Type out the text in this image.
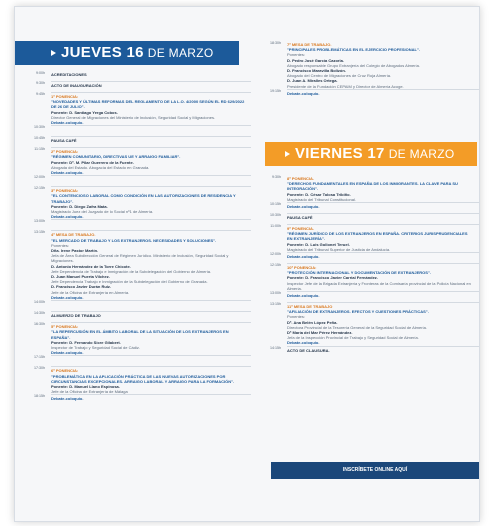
JUEVES 16 DE MARZO
9:00h	ACREDITACIONES
9:30h	ACTO DE INAUGURACIÓN
9:45h	1ª PONENCIA:
"NOVEDADES Y ÚLTIMAS REFORMAS DEL REGLAMENTO DE LA L.O. 4/2000 SEGÚN EL RD 629/2022 DE 26 DE JULIO".
Ponente: D. Santiago Yerga Cobos.
Director General de Migraciones del Ministerio de Inclusión, Seguridad Social y Migraciones.
Debate-coloquio.
10:30h
10:45h	PAUSA CAFÉ
11:15h	2ª PONENCIA:
"RÉGIMEN COMUNITARIO, DIRECTIVAS UE Y ARRAIGO FAMILIAR".
Ponente: Dª. M. Pilar Guerrero de la Fuente.
Abogada del Estado. Abogacía del Estado en Granada.
Debate-coloquio.
12:00h
12:15h	3ª PONENCIA:
"EL CONTENCIOSO LABORAL COMO CONDICIÓN EN LAS AUTORIZACIONES DE RESIDENCIA Y TRABAJO".
Ponente: D. Diego Zafra Mata.
Magistrado Juez del Juzgado de lo Social nº1 de Almería.
Debate-coloquio.
13:00h
13:15h	4ª MESA DE TRABAJO.
"EL MERCADO DE TRABAJO Y LOS EXTRANJEROS. NECESIDADES Y SOLUCIONES".
Ponentes:
Dña. Irene Pastor Martín.
Jefa de Área Subdirección General de Régimen Jurídico. Ministerio de Inclusión, Seguridad Social y Migraciones.
D. Antonio Hernández de la Torre Chicote.
Jefe Dependencia de Trabajo e Inmigración de la Subdelegación del Gobierno de Almería.
D. Juan Manuel Puerta Vilchez.
Jefe Dependencia Trabajo e Inmigración de la Subdelegación del Gobierno de Granada.
D. Francisco Javier Durán Ruiz.
Jefe de la Oficina de Extranjería en Almería.
Debate-coloquio.
14:00h
14:30h	ALMUERZO DE TRABAJO
16:30h	5ª PONENCIA:
"LA REPERCUSIÓN EN EL ÁMBITO LABORAL DE LA SITUACIÓN DE LOS EXTRANJEROS EN ESPAÑA".
Ponente: D. Fernando Sicre Gilabert.
Inspector de Trabajo y Seguridad Social de Cádiz.
Debate-coloquio.
17:15h
17:30h	6ª PONENCIA:
"PROBLEMÁTICA EN LA APLICACIÓN PRÁCTICA DE LAS NUEVAS AUTORIZACIONES POR CIRCUNSTANCIAS EXCEPCIONALES. ARRAIGO LABORAL Y ARRAIGO PARA LA FORMACIÓN".
Ponente: D. Manuel Llano Espinosa.
Jefe de la Oficina de Extranjería de Málaga
18:15h	Debate-coloquio.
18:30h	7ª MESA DE TRABAJO.
"PRINCIPALES PROBLEMÁTICAS EN EL EJERCICIO PROFESIONAL".
Ponentes:
D. Pedro José García Cazorla.
Abogado responsable Grupo Extranjería del Colegio de Abogados Almería.
D. Francisco Maravilla Bolizón.
Abogado del Centro de Migraciones de Cruz Roja Almería.
D. Juan A. Miralles Ortega.
Presidente de la Fundación CEPAIM y Director de Almería Acoge.
19:15h	Debate-coloquio.
VIERNES 17 DE MARZO
9:30h	8ª PONENCIA.
"DERECHOS FUNDAMENTALES EN ESPAÑA DE LOS INMIGRANTES. LA CLAVE PARA SU INTEGRACIÓN".
Ponente: D. César Tolosa Tribiño.
Magistrado del Tribunal Constitucional.
10:15h	Debate-coloquio.
10:30h	PAUSA CAFÉ
11:00h	9ª PONENCIA.
"RÉGIMEN JURÍDICO DE LOS EXTRANJEROS EN ESPAÑA. CRITERIOS JURISPRUDENCIALES EN EXTRANJERÍA".
Ponente: D. Luis Gollonet Teruel.
Magistrado del Tribunal Superior de Justicia de Andalucía.
12:00h	Debate-coloquio.
12:15h	10ª PONENCIA:
"PROTECCIÓN INTERNACIONAL Y DOCUMENTACIÓN DE EXTRANJEROS".
Ponente: D. Francisco Javier Carrial Fernández.
Inspector Jefe de la Brigada Extranjería y Fronteras de la Comisaría provincial de la Policía Nacional en Almería.
13:00h	Debate-coloquio.
13:15h	11ª MESA DE TRABAJO
"AFILIACIÓN DE EXTRANJEROS. EFECTOS Y CUESTIONES PRÁCTICAS".
Ponentes:
Dª. Ana Belén López Peña.
Directora Provincial de la Tesorería General de la Seguridad Social de Almería.
Dª María del Mar Pérez Hernández.
Jefa de la Inspección Provincial de Trabajo y Seguridad Social de Almería.
Debate-coloquio.
14:15h	ACTO DE CLAUSURA.
INSCRÍBETE ONLINE AQUÍ
